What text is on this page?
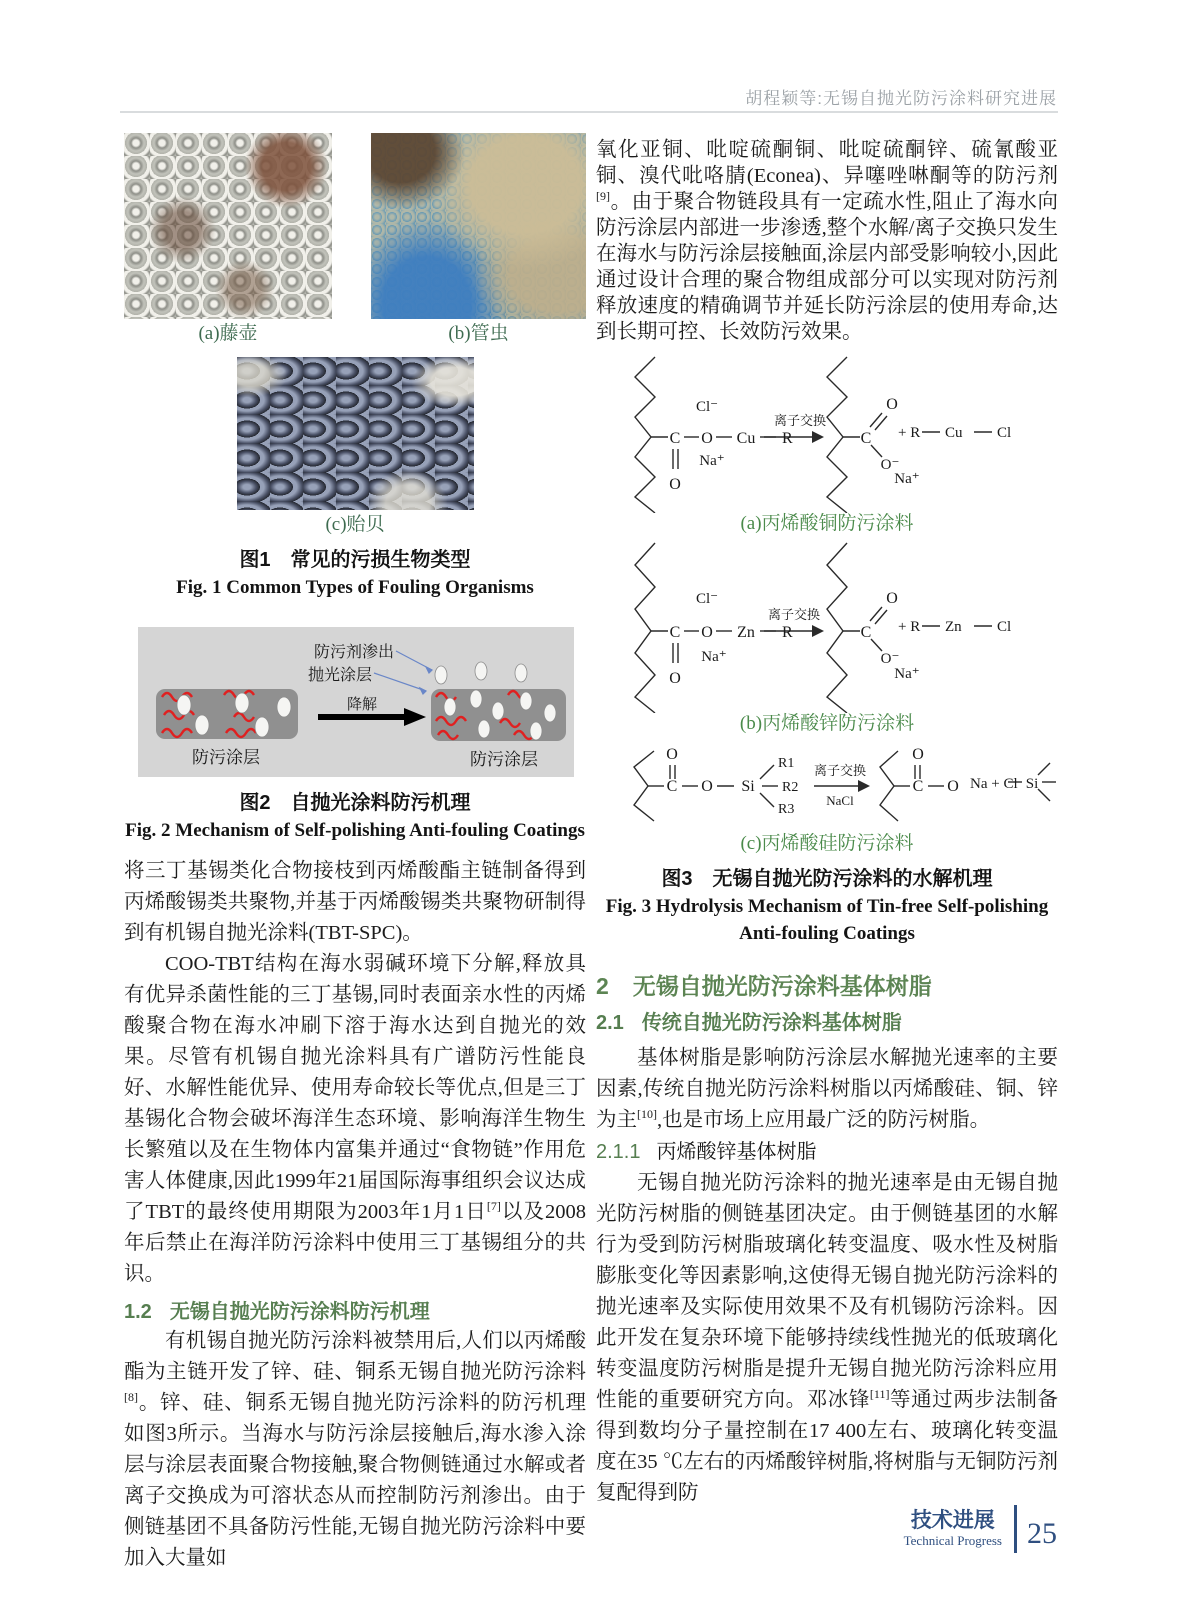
胡程颖等:无锡自抛光防污涂料研究进展
(a)藤壶	(b)管虫
(c)贻贝
图1　常见的污损生物类型
Fig. 1 Common Types of Fouling Organisms
防污剂渗出
抛光涂层
降解
防污涂层	防污涂层
图2　自抛光涂料防污机理
Fig. 2 Mechanism of Self-polishing Anti-fouling Coatings

将三丁基锡类化合物接枝到丙烯酸酯主链制备得到丙烯酸锡类共聚物,并基于丙烯酸锡类共聚物研制得到有机锡自抛光涂料(TBT-SPC)。

COO-TBT结构在海水弱碱环境下分解,释放具有优异杀菌性能的三丁基锡,同时表面亲水性的丙烯酸聚合物在海水冲刷下溶于海水达到自抛光的效果。尽管有机锡自抛光涂料具有广谱防污性能良好、水解性能优异、使用寿命较长等优点,但是三丁基锡化合物会破坏海洋生态环境、影响海洋生物生长繁殖以及在生物体内富集并通过“食物链”作用危害人体健康,因此1999年21届国际海事组织会议达成了TBT的最终使用期限为2003年1月1日[7]以及2008年后禁止在海洋防污涂料中使用三丁基锡组分的共识。

1.2 无锡自抛光防污涂料防污机理

有机锡自抛光防污涂料被禁用后,人们以丙烯酸酯为主链开发了锌、硅、铜系无锡自抛光防污涂料[8]。锌、硅、铜系无锡自抛光防污涂料的防污机理如图3所示。当海水与防污涂层接触后,海水渗入涂层与涂层表面聚合物接触,聚合物侧链通过水解或者离子交换成为可溶状态从而控制防污剂渗出。由于侧链基团不具备防污性能,无锡自抛光防污涂料中要加入大量如

氧化亚铜、吡啶硫酮铜、吡啶硫酮锌、硫氰酸亚铜、溴代吡咯腈(Econea)、异噻唑啉酮等的防污剂[9]。由于聚合物链段具有一定疏水性,阻止了海水向防污涂层内部进一步渗透,整个水解/离子交换只发生在海水与防污涂层接触面,涂层内部受影响较小,因此通过设计合理的聚合物组成部分可以实现对防污剂释放速度的精确调节并延长防污涂层的使用寿命,达到长期可控、长效防污效果。

C
O
O
Cl⁻
Na⁺
Cu R
离子交换
C
O
O⁻
Na⁺
+ R Cu Cl
(a)丙烯酸铜防污涂料
C
O
O
Cl⁻
Na⁺
Zn R
离子交换
C
O
O⁻
Na⁺
+ R Zn Cl
(b)丙烯酸锌防污涂料
C
O
O Si
R1
R2
R3
离子交换
NaCl
C
O
O Na + Cl Si
(c)丙烯酸硅防污涂料
图3　无锡自抛光防污涂料的水解机理
Fig. 3 Hydrolysis Mechanism of Tin-free Self-polishing
Anti-fouling Coatings

2 无锡自抛光防污涂料基体树脂

2.1 传统自抛光防污涂料基体树脂

基体树脂是影响防污涂层水解抛光速率的主要因素,传统自抛光防污涂料树脂以丙烯酸硅、铜、锌为主[10],也是市场上应用最广泛的防污树脂。

2.1.1 丙烯酸锌基体树脂

无锡自抛光防污涂料的抛光速率是由无锡自抛光防污树脂的侧链基团决定。由于侧链基团的水解行为受到防污树脂玻璃化转变温度、吸水性及树脂膨胀变化等因素影响,这使得无锡自抛光防污涂料的抛光速率及实际使用效果不及有机锡防污涂料。因此开发在复杂环境下能够持续线性抛光的低玻璃化转变温度防污树脂是提升无锡自抛光防污涂料应用性能的重要研究方向。邓冰锋[11]等通过两步法制备得到数均分子量控制在17 400左右、玻璃化转变温度在35 ℃左右的丙烯酸锌树脂,将树脂与无铜防污剂复配得到防

技术进展
Technical Progress 25
